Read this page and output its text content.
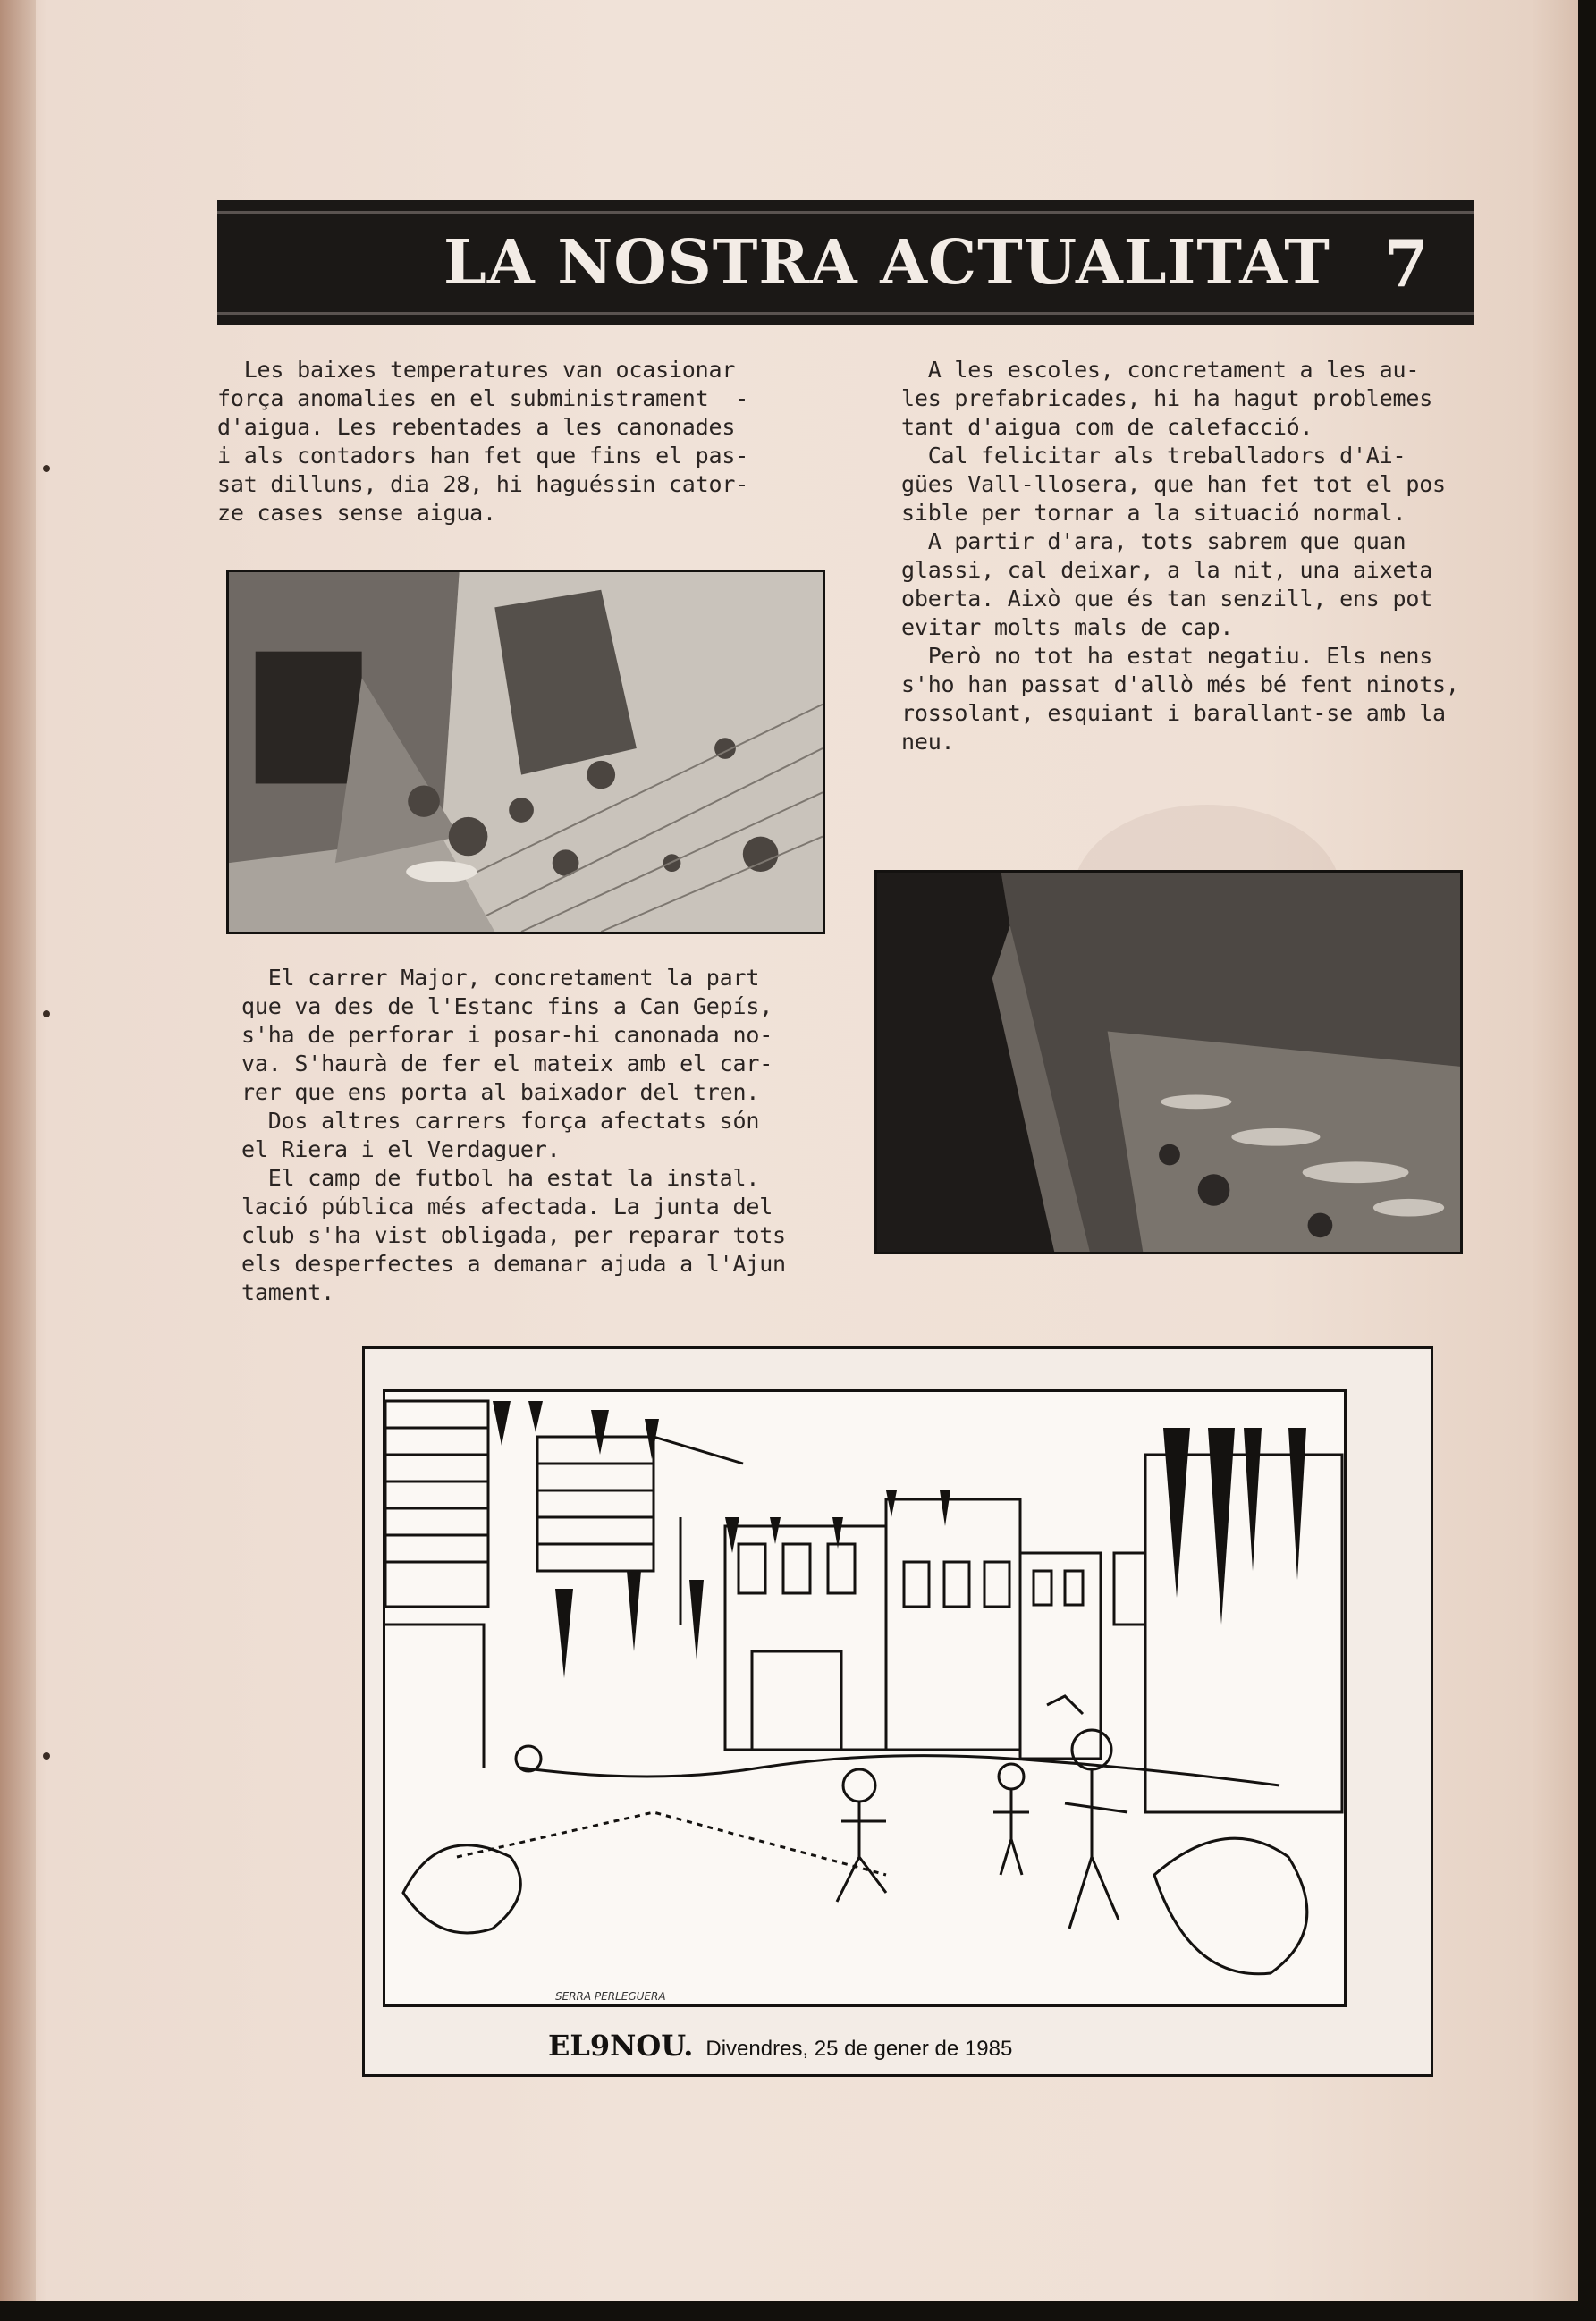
LA NOSTRA ACTUALITAT 7
Les baixes temperatures van ocasionar
força anomalies en el subministrament  -
d'aigua. Les rebentades a les canonades
i als contadors han fet que fins el pas-
sat dilluns, dia 28, hi haguéssin cator-
ze cases sense aigua.
El carrer Major, concretament la part
que va des de l'Estanc fins a Can Gepís,
s'ha de perforar i posar-hi canonada no-
va. S'haurà de fer el mateix amb el car-
rer que ens porta al baixador del tren.
Dos altres carrers força afectats són
el Riera i el Verdaguer.
El camp de futbol ha estat la instal.
lació pública més afectada. La junta del
club s'ha vist obligada, per reparar tots
els desperfectes a demanar ajuda a l'Ajun
tament.
A les escoles, concretament a les au-
les prefabricades, hi ha hagut problemes
tant d'aigua com de calefacció.
Cal felicitar als treballadors d'Ai-
gües Vall-llosera, que han fet tot el pos
sible per tornar a la situació normal.
A partir d'ara, tots sabrem que quan
glassi, cal deixar, a la nit, una aixeta
oberta. Això que és tan senzill, ens pot
evitar molts mals de cap.
Però no tot ha estat negatiu. Els nens
s'ho han passat d'allò més bé fent ninots,
rossolant, esquiant i barallant-se amb la
neu.
SERRA PERLEGUERA
EL9NOU. Divendres, 25 de gener de 1985
